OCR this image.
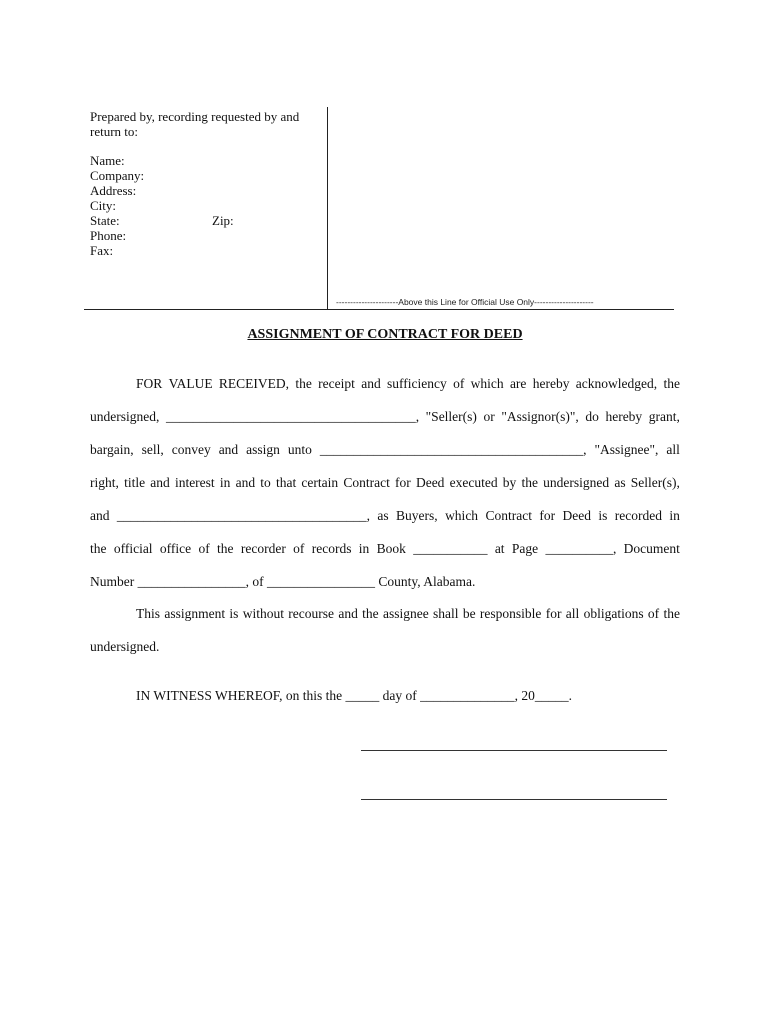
Prepared by, recording requested by and
return to:
Name:
Company:
Address:
City:
State:	Zip:
Phone:
Fax:
----------------------Above this Line for Official Use Only---------------------
ASSIGNMENT OF CONTRACT FOR DEED
FOR VALUE RECEIVED, the receipt and sufficiency of which are hereby acknowledged, the
undersigned, _____________________________________, "Seller(s) or "Assignor(s)", do hereby grant,
bargain, sell, convey and assign unto _______________________________________, "Assignee", all
right, title and interest in and to that certain Contract for Deed executed by the undersigned as Seller(s),
and _____________________________________, as Buyers, which Contract for Deed is recorded in
the official office of the recorder of records in Book ___________ at Page __________, Document
Number ________________, of ________________ County, Alabama.
This assignment is without recourse and the assignee shall be responsible for all obligations of the
undersigned.
IN WITNESS WHEREOF, on this the _____ day of ______________, 20_____.
